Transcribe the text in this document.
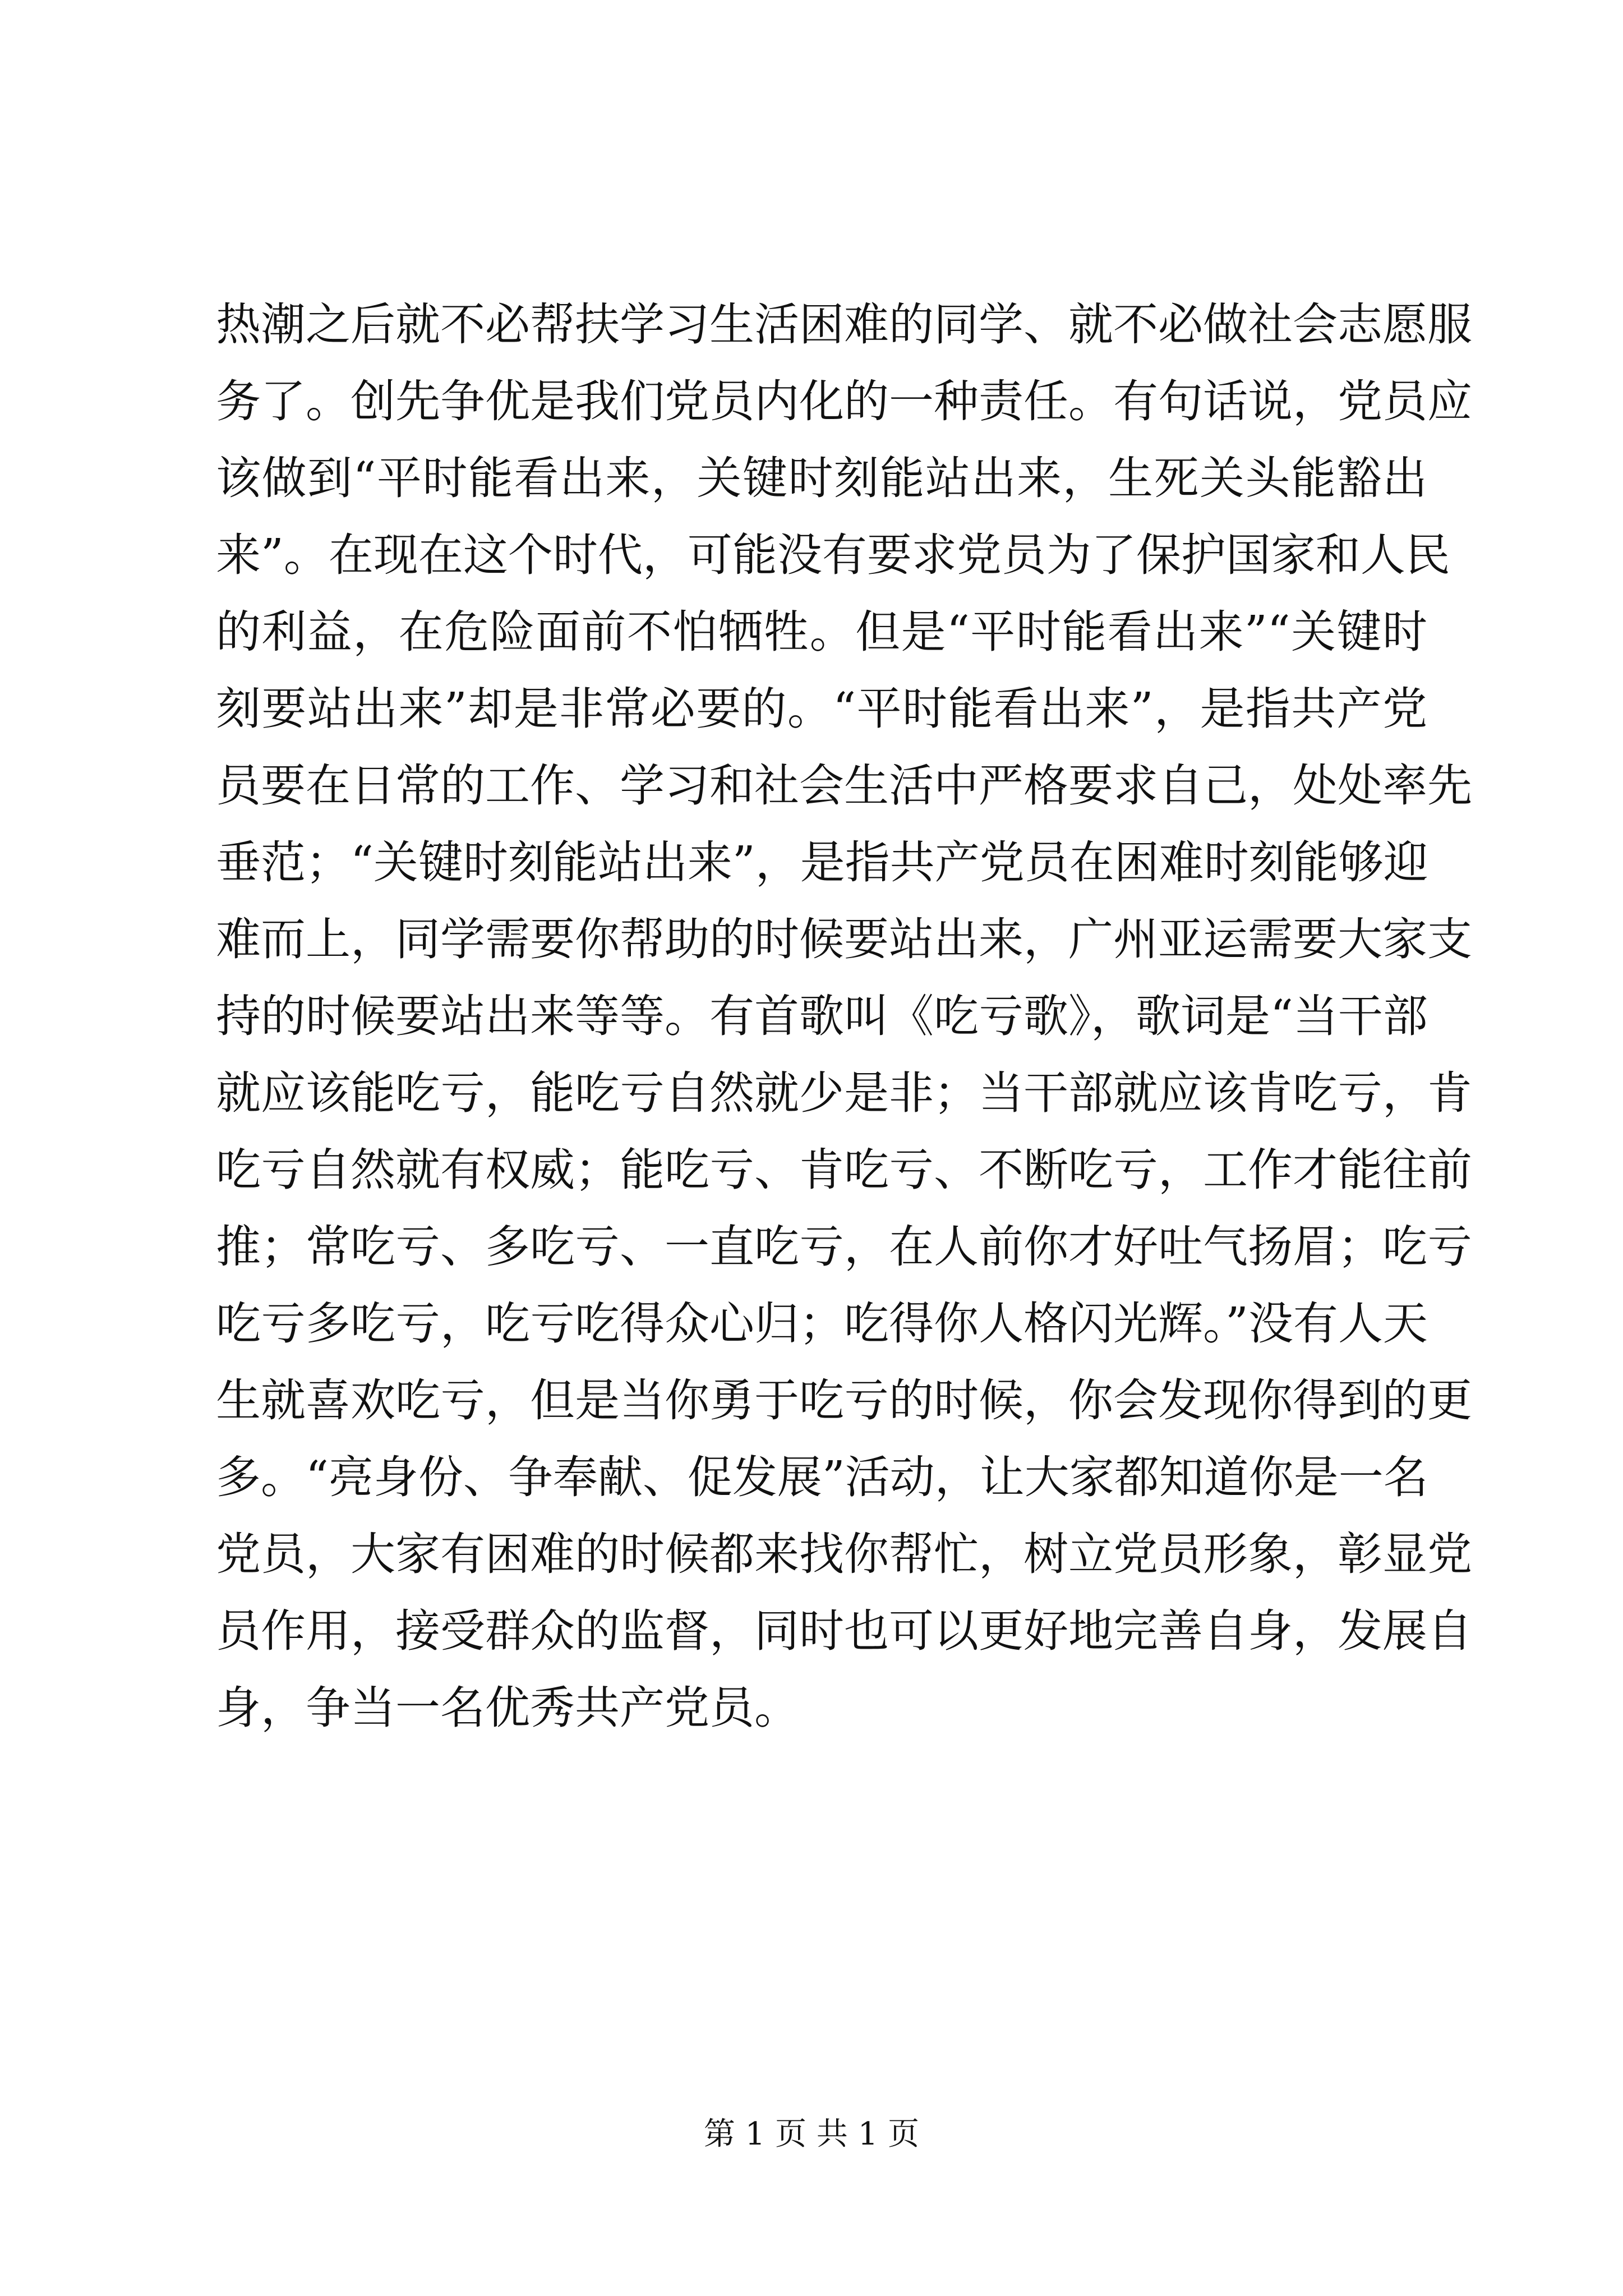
热潮之后就不必帮扶学习生活困难的同学、就不必做社会志愿服
务了。创先争优是我们党员内化的一种责任。有句话说，党员应
该做到“平时能看出来，关键时刻能站出来，生死关头能豁出
来”。在现在这个时代，可能没有要求党员为了保护国家和人民
的利益，在危险面前不怕牺牲。但是“平时能看出来”“关键时
刻要站出来”却是非常必要的。“平时能看出来”，是指共产党
员要在日常的工作、学习和社会生活中严格要求自己，处处率先
垂范；“关键时刻能站出来”，是指共产党员在困难时刻能够迎
难而上，同学需要你帮助的时候要站出来，广州亚运需要大家支
持的时候要站出来等等。有首歌叫《吃亏歌》，歌词是“当干部
就应该能吃亏，能吃亏自然就少是非；当干部就应该肯吃亏，肯
吃亏自然就有权威；能吃亏、肯吃亏、不断吃亏，工作才能往前
推；常吃亏、多吃亏、一直吃亏，在人前你才好吐气扬眉；吃亏
吃亏多吃亏，吃亏吃得众心归；吃得你人格闪光辉。”没有人天
生就喜欢吃亏，但是当你勇于吃亏的时候，你会发现你得到的更
多。“亮身份、争奉献、促发展”活动，让大家都知道你是一名
党员，大家有困难的时候都来找你帮忙，树立党员形象，彰显党
员作用，接受群众的监督，同时也可以更好地完善自身，发展自
身，争当一名优秀共产党员。
第 1 页 共 1 页
